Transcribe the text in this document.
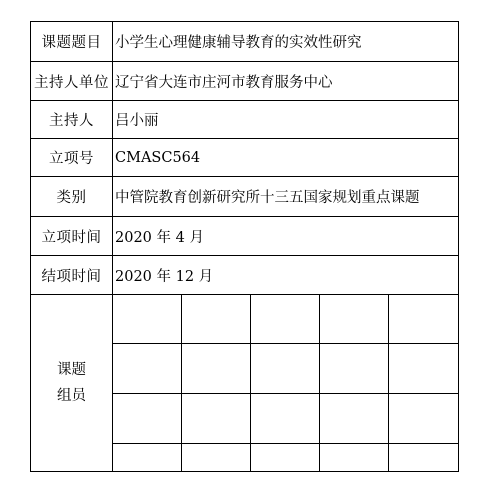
课题题目 小学生心理健康辅导教育的实效性研究
主持人单位 辽宁省大连市庄河市教育服务中心
主持人	吕小丽
立项号	CMASC564
类别	中管院教育创新研究所十三五国家规划重点课题
立项时间 2020 年 4 月
结项时间 2020 年 12 月
课题
组员
